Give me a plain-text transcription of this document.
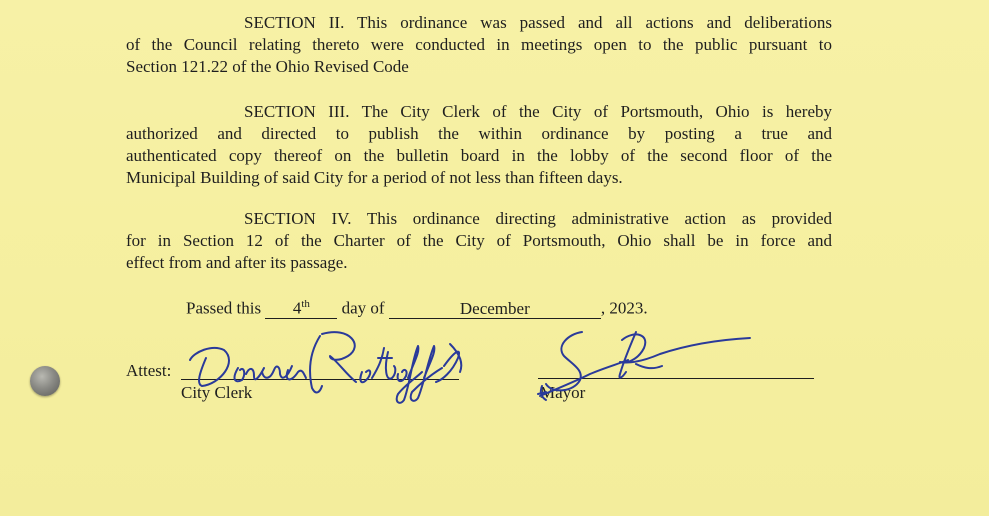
SECTION II. This ordinance was passed and all actions and deliberations
of the Council relating thereto were conducted in meetings open to the public pursuant to
Section 121.22 of the Ohio Revised Code
SECTION III. The City Clerk of the City of Portsmouth, Ohio is hereby
authorized and directed to publish the within ordinance by posting a true and
authenticated copy thereof on the bulletin board in the lobby of the second floor of the
Municipal Building of said City for a period of not less than fifteen days.
SECTION IV. This ordinance directing administrative action as provided
for in Section 12 of the Charter of the City of Portsmouth, Ohio shall be in force and
effect from and after its passage.
Passed this 4th day of	December	, 2023.
Attest:
City Clerk	Mayor
